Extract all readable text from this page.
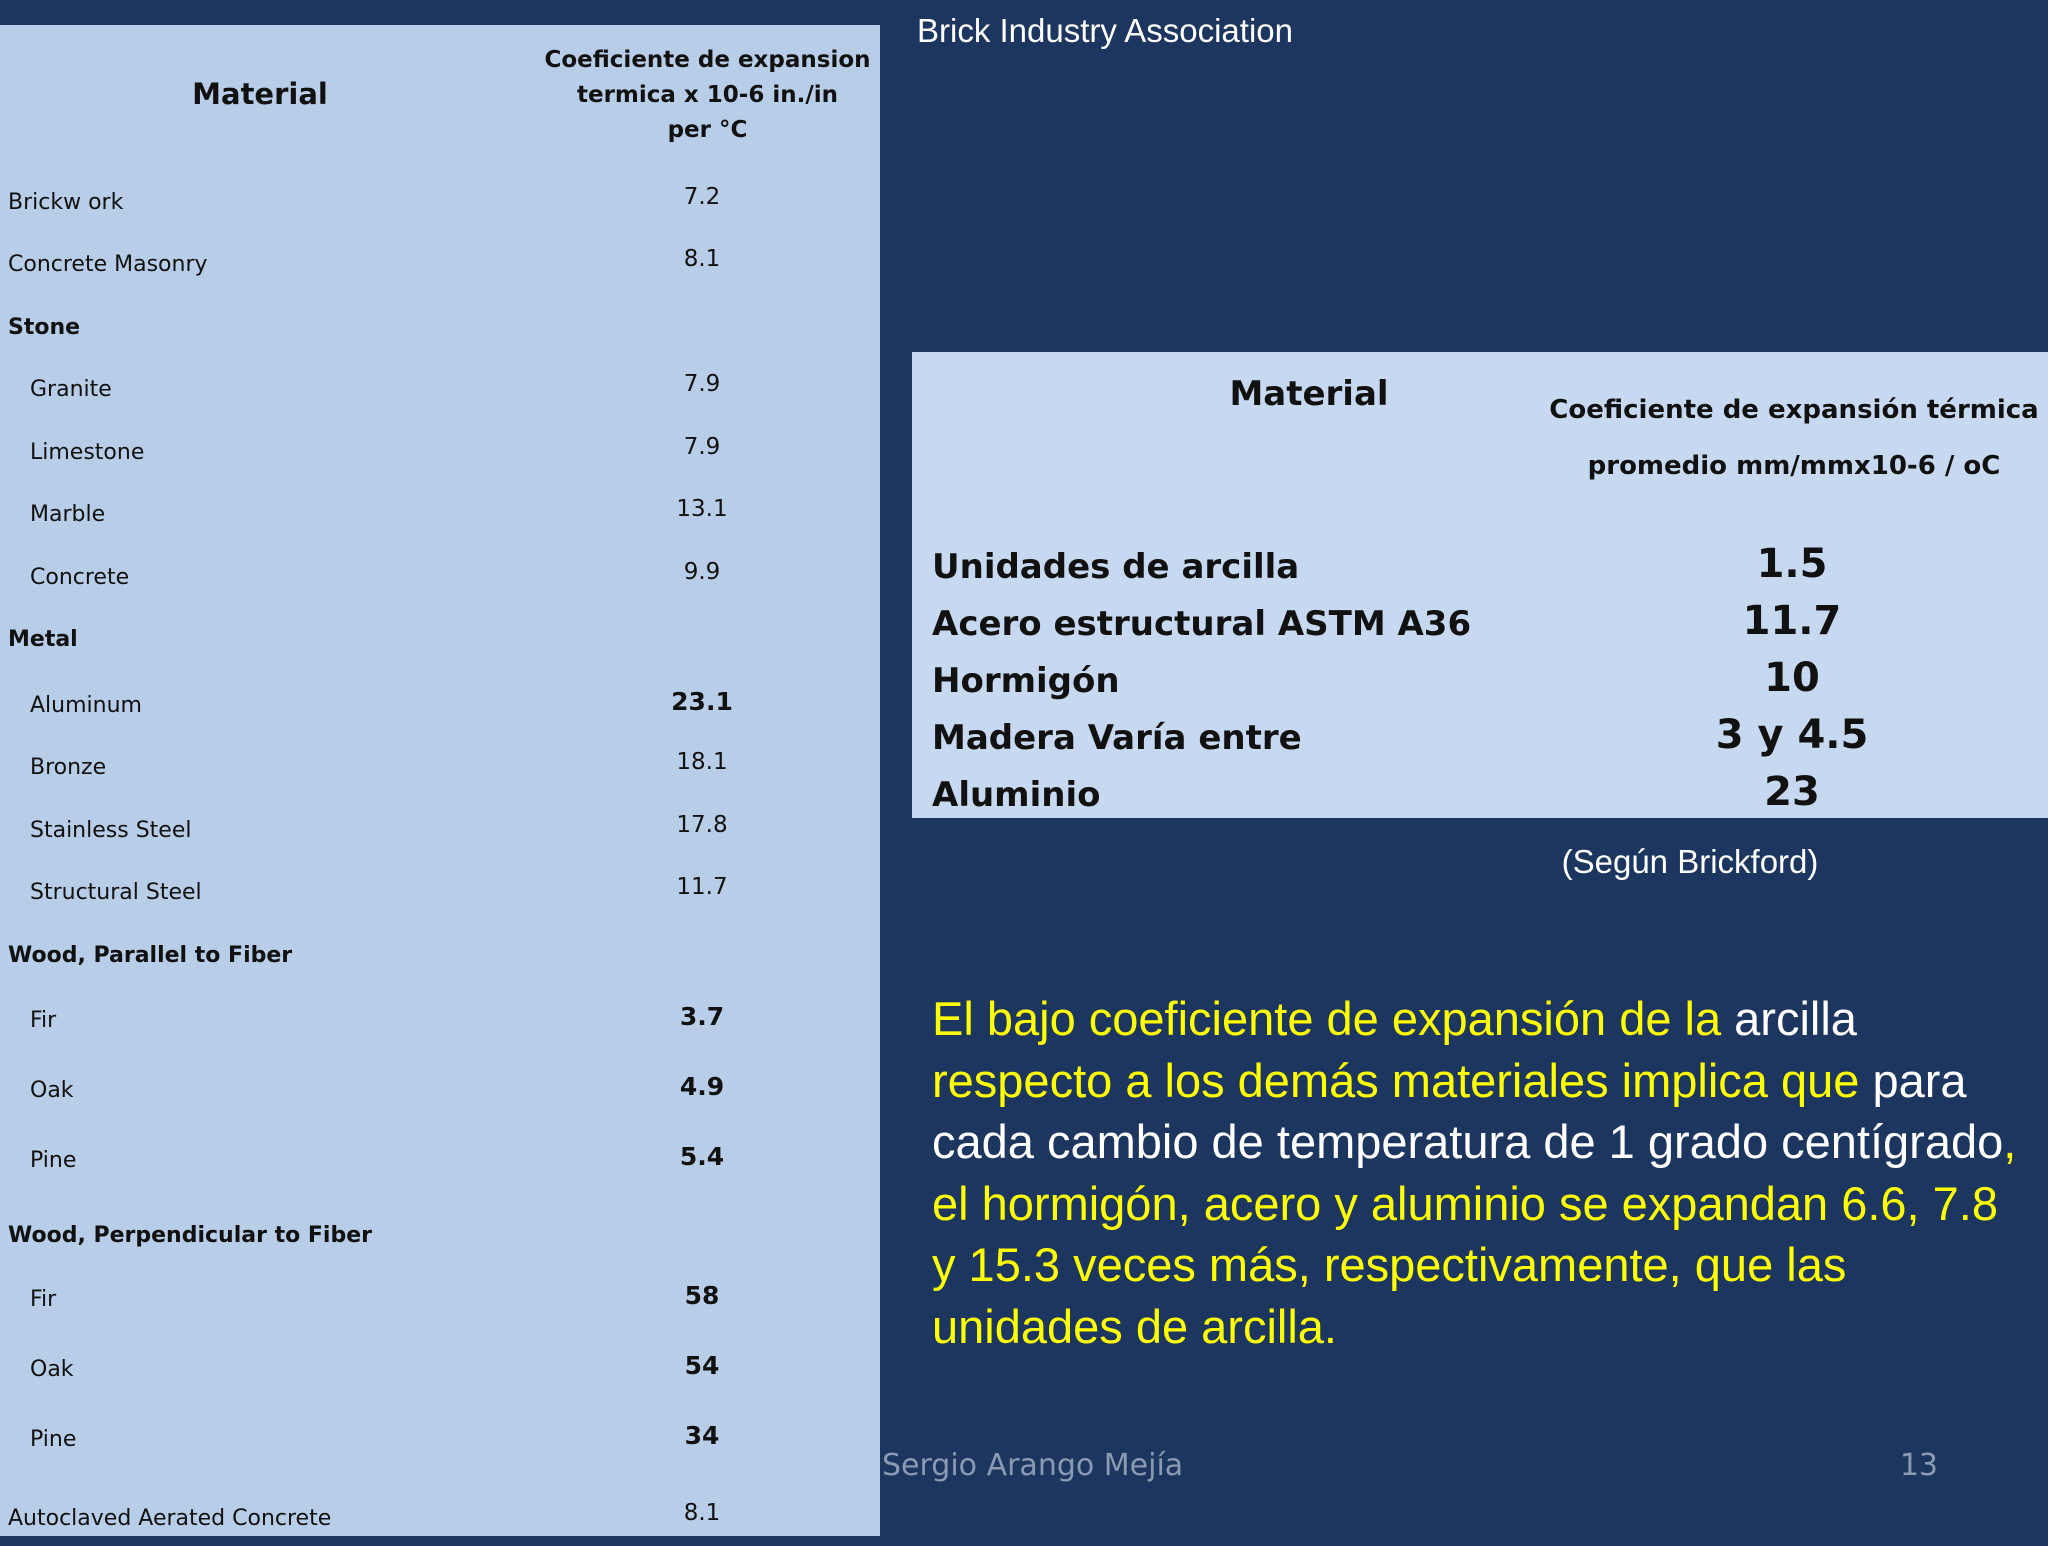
Material
Coeficiente de expansion
termica x 10-6 in./in
per °C
Brickw ork	7.2
Concrete Masonry	8.1
Stone
Granite	7.9
Limestone	7.9
Marble	13.1
Concrete	9.9
Metal
Aluminum	23.1
Bronze	18.1
Stainless Steel	17.8
Structural Steel	11.7
Wood, Parallel to Fiber
Fir	3.7
Oak	4.9
Pine	5.4
Wood, Perpendicular to Fiber
Fir	58
Oak	54
Pine	34
Autoclaved Aerated Concrete	8.1
Brick Industry Association
Material	Coeficiente de expansión térmica
promedio mm/mmx10-6 / oC
Unidades de arcilla	1.5
Acero estructural ASTM A36	11.7
Hormigón	10
Madera Varía entre	3 y 4.5
Aluminio	23
(Según Brickford)
El bajo coeficiente de expansión de la arcilla respecto a los demás materiales implica que para cada cambio de temperatura de 1 grado centígrado, el hormigón, acero y aluminio se expandan 6.6, 7.8 y 15.3 veces más, respectivamente, que las unidades de arcilla.
Sergio Arango Mejía	13
